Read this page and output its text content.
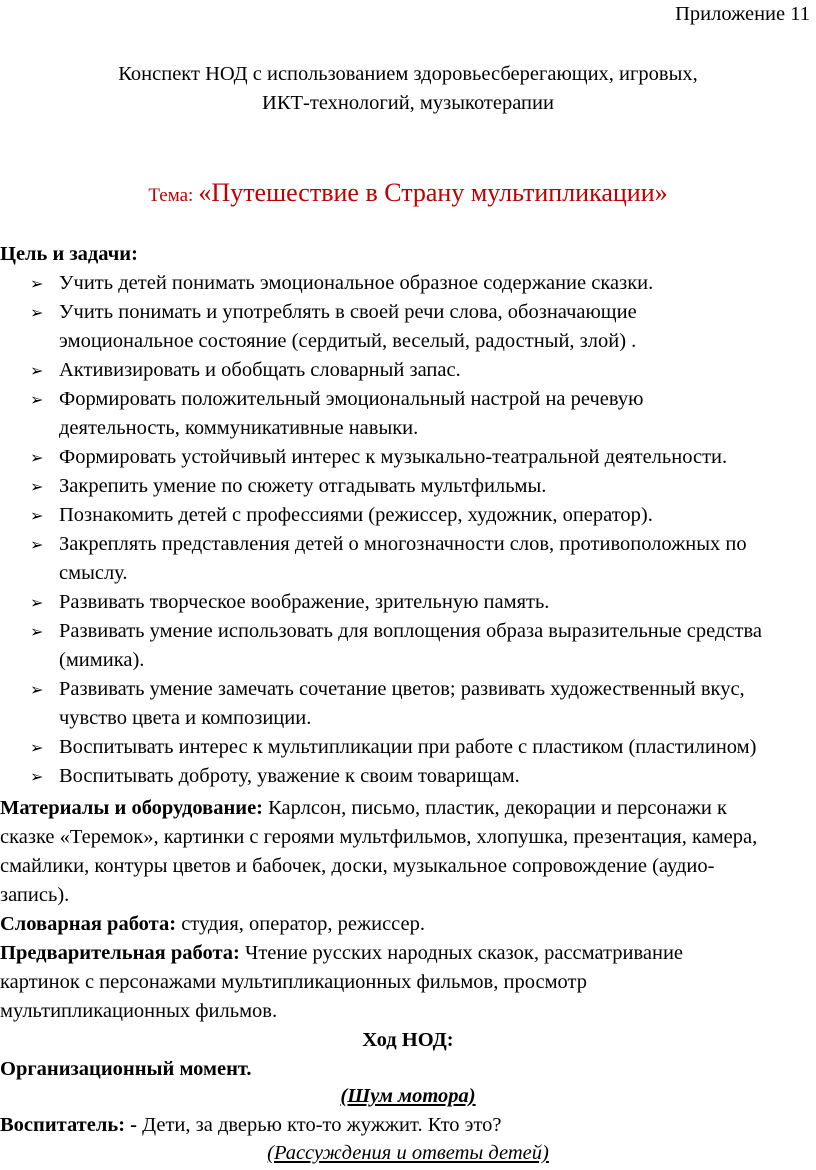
Приложение 11
Конспект НОД с использованием здоровьесберегающих, игровых,
ИКТ-технологий, музыкотерапии
Тема: «Путешествие в Страну мультипликации»
Цель и задачи:
➢ Учить детей понимать эмоциональное образное содержание сказки.
➢ Учить понимать и употреблять в своей речи слова, обозначающие
эмоциональное состояние (сердитый, веселый, радостный, злой) .
➢ Активизировать и обобщать словарный запас.
➢ Формировать положительный эмоциональный настрой на речевую
деятельность, коммуникативные навыки.
➢ Формировать устойчивый интерес к музыкально-театральной деятельности.
➢ Закрепить умение по сюжету отгадывать мультфильмы.
➢ Познакомить детей с профессиями (режиссер, художник, оператор).
➢ Закреплять представления детей о многозначности слов, противоположных по
смыслу.
➢ Развивать творческое воображение, зрительную память.
➢ Развивать умение использовать для воплощения образа выразительные средства
(мимика).
➢ Развивать умение замечать сочетание цветов; развивать художественный вкус,
чувство цвета и композиции.
➢ Воспитывать интерес к мультипликации при работе с пластиком (пластилином)
➢ Воспитывать доброту, уважение к своим товарищам.
Материалы и оборудование: Карлсон, письмо, пластик, декорации и персонажи к
сказке «Теремок», картинки с героями мультфильмов, хлопушка, презентация, камера,
смайлики, контуры цветов и бабочек, доски, музыкальное сопровождение (аудио-
запись).
Словарная работа: студия, оператор, режиссер.
Предварительная работа: Чтение русских народных сказок, рассматривание
картинок с персонажами мультипликационных фильмов, просмотр
мультипликационных фильмов.
Ход НОД:
Организационный момент.
(Шум мотора)
Воспитатель: - Дети, за дверью кто-то жужжит. Кто это?
(Рассуждения и ответы детей)
